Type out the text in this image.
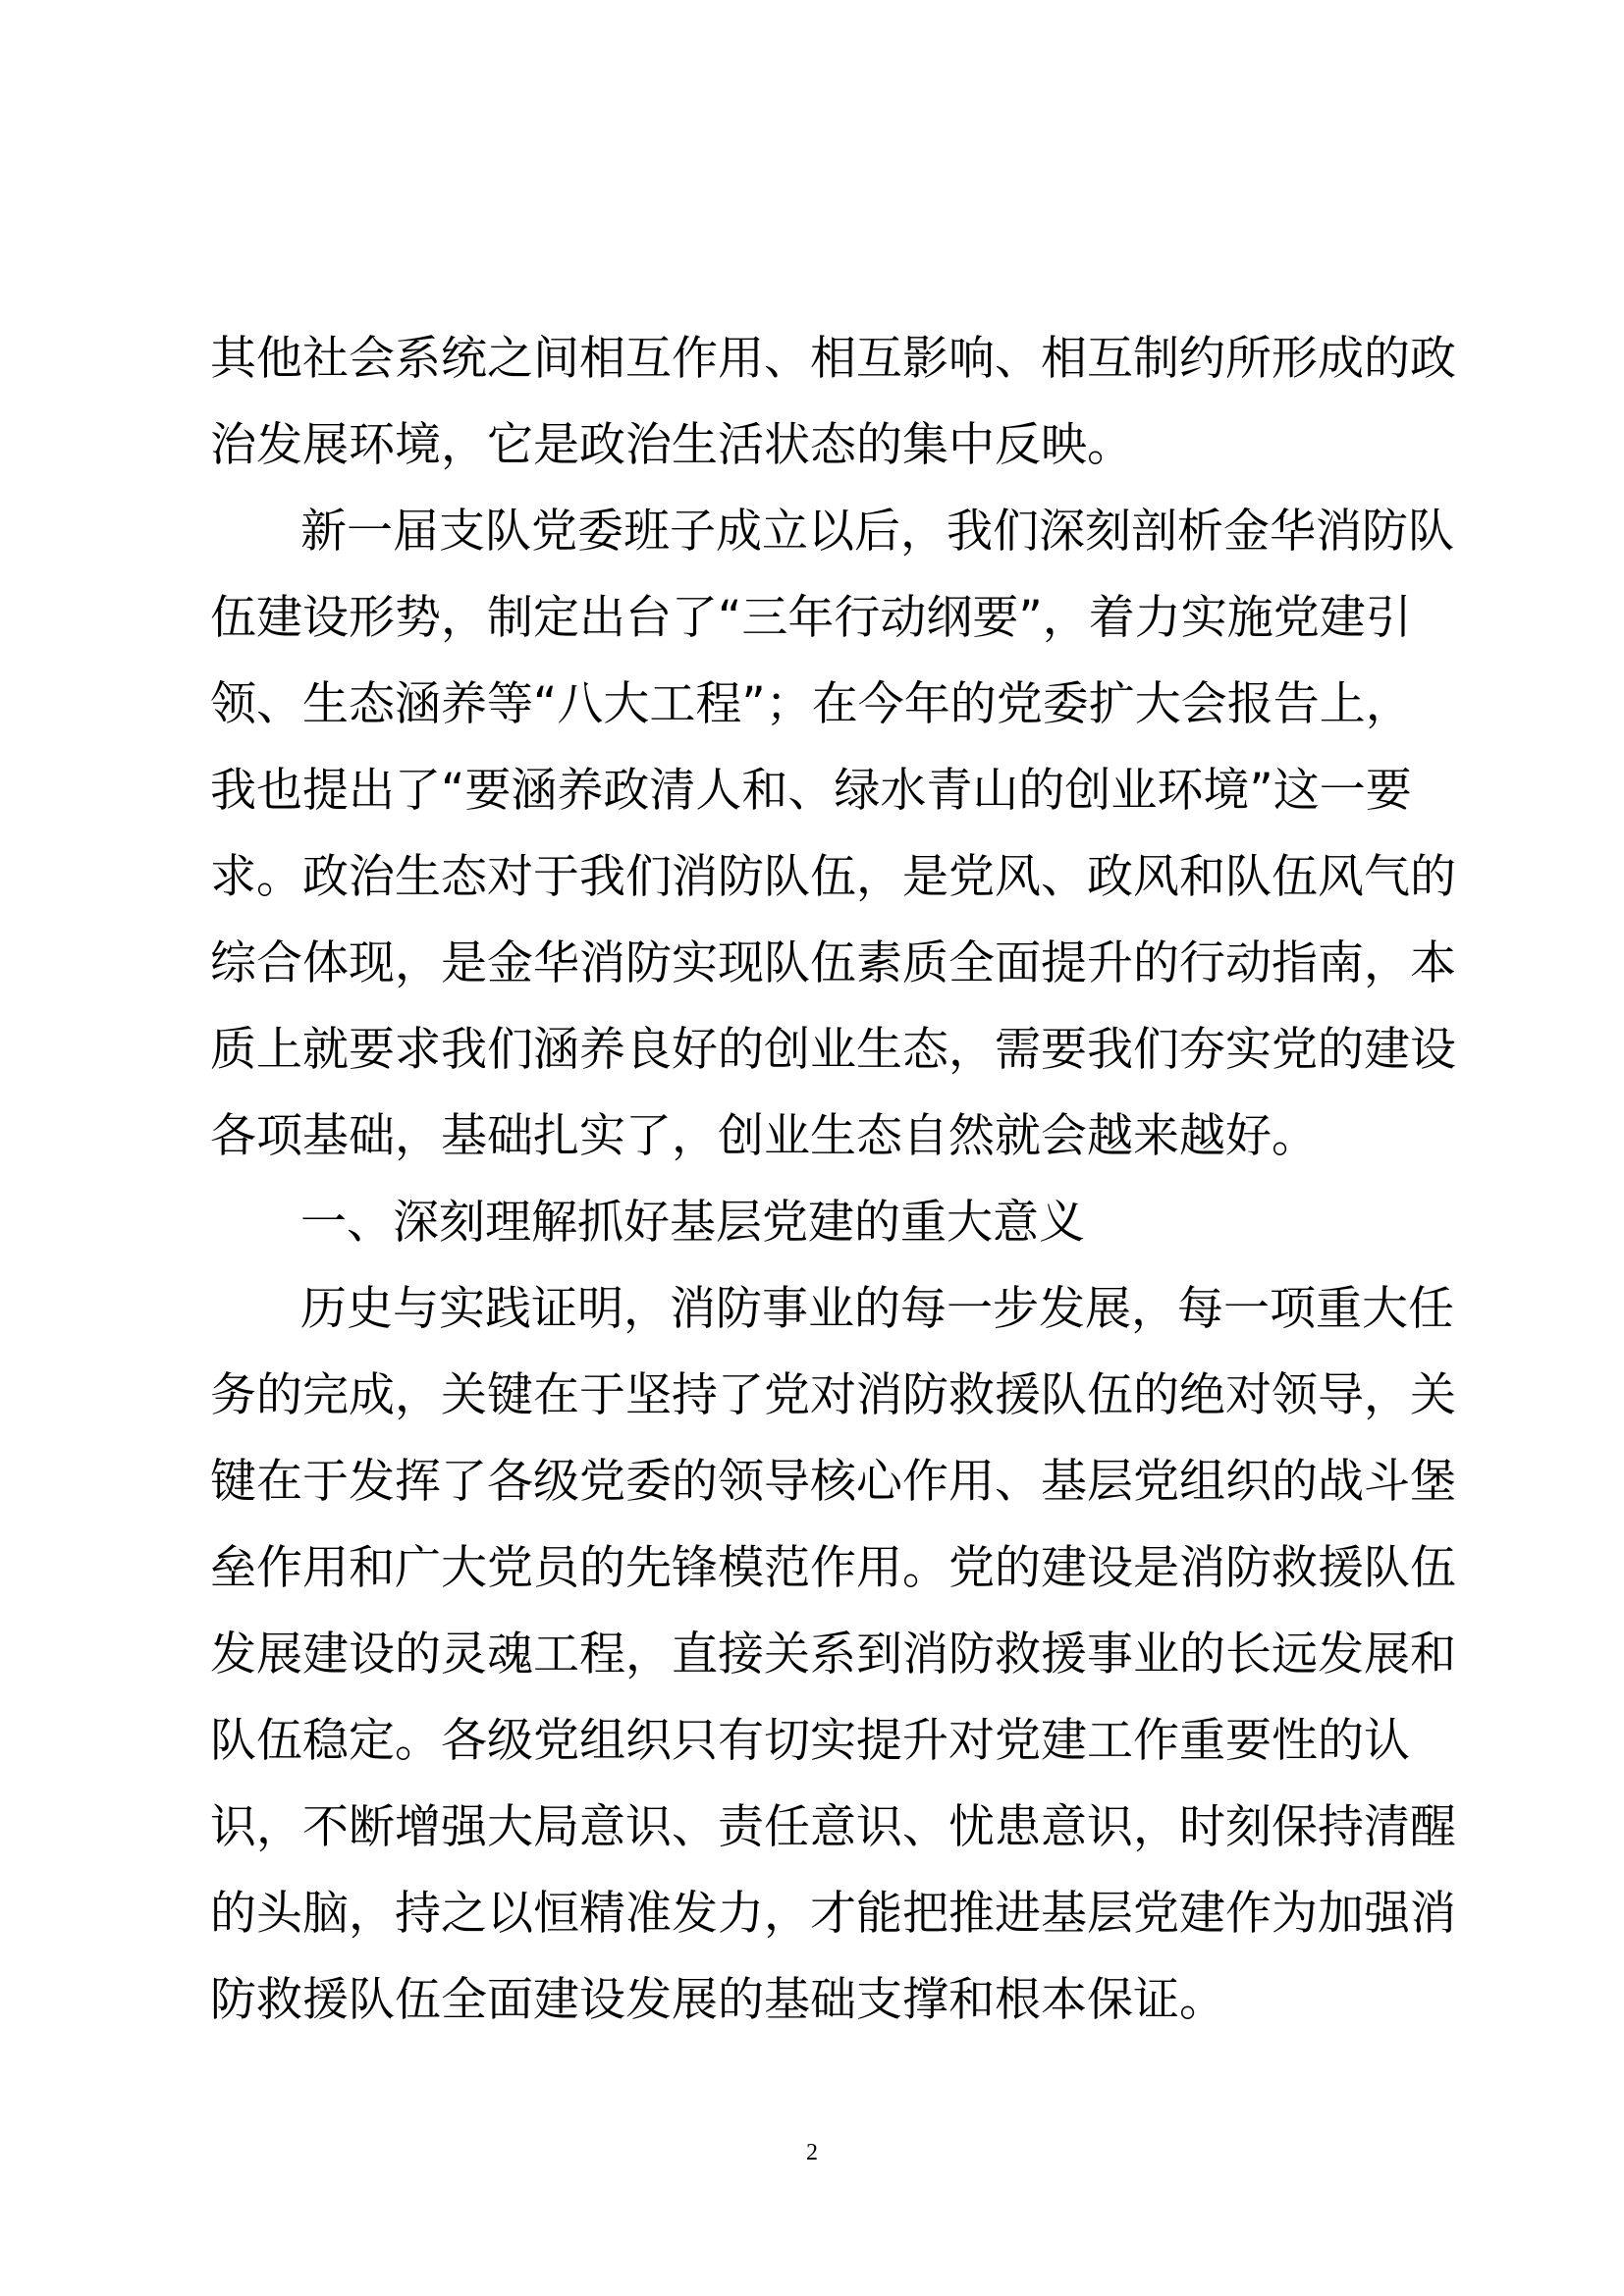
其他社会系统之间相互作用、相互影响、相互制约所形成的政
治发展环境，它是政治生活状态的集中反映。
新一届支队党委班子成立以后，我们深刻剖析金华消防队
伍建设形势，制定出台了“三年行动纲要”，着力实施党建引
领、生态涵养等“八大工程”；在今年的党委扩大会报告上，
我也提出了“要涵养政清人和、绿水青山的创业环境”这一要
求。政治生态对于我们消防队伍，是党风、政风和队伍风气的
综合体现，是金华消防实现队伍素质全面提升的行动指南，本
质上就要求我们涵养良好的创业生态，需要我们夯实党的建设
各项基础，基础扎实了，创业生态自然就会越来越好。
一、深刻理解抓好基层党建的重大意义
历史与实践证明，消防事业的每一步发展，每一项重大任
务的完成，关键在于坚持了党对消防救援队伍的绝对领导，关
键在于发挥了各级党委的领导核心作用、基层党组织的战斗堡
垒作用和广大党员的先锋模范作用。党的建设是消防救援队伍
发展建设的灵魂工程，直接关系到消防救援事业的长远发展和
队伍稳定。各级党组织只有切实提升对党建工作重要性的认
识，不断增强大局意识、责任意识、忧患意识，时刻保持清醒
的头脑，持之以恒精准发力，才能把推进基层党建作为加强消
防救援队伍全面建设发展的基础支撑和根本保证。
2
